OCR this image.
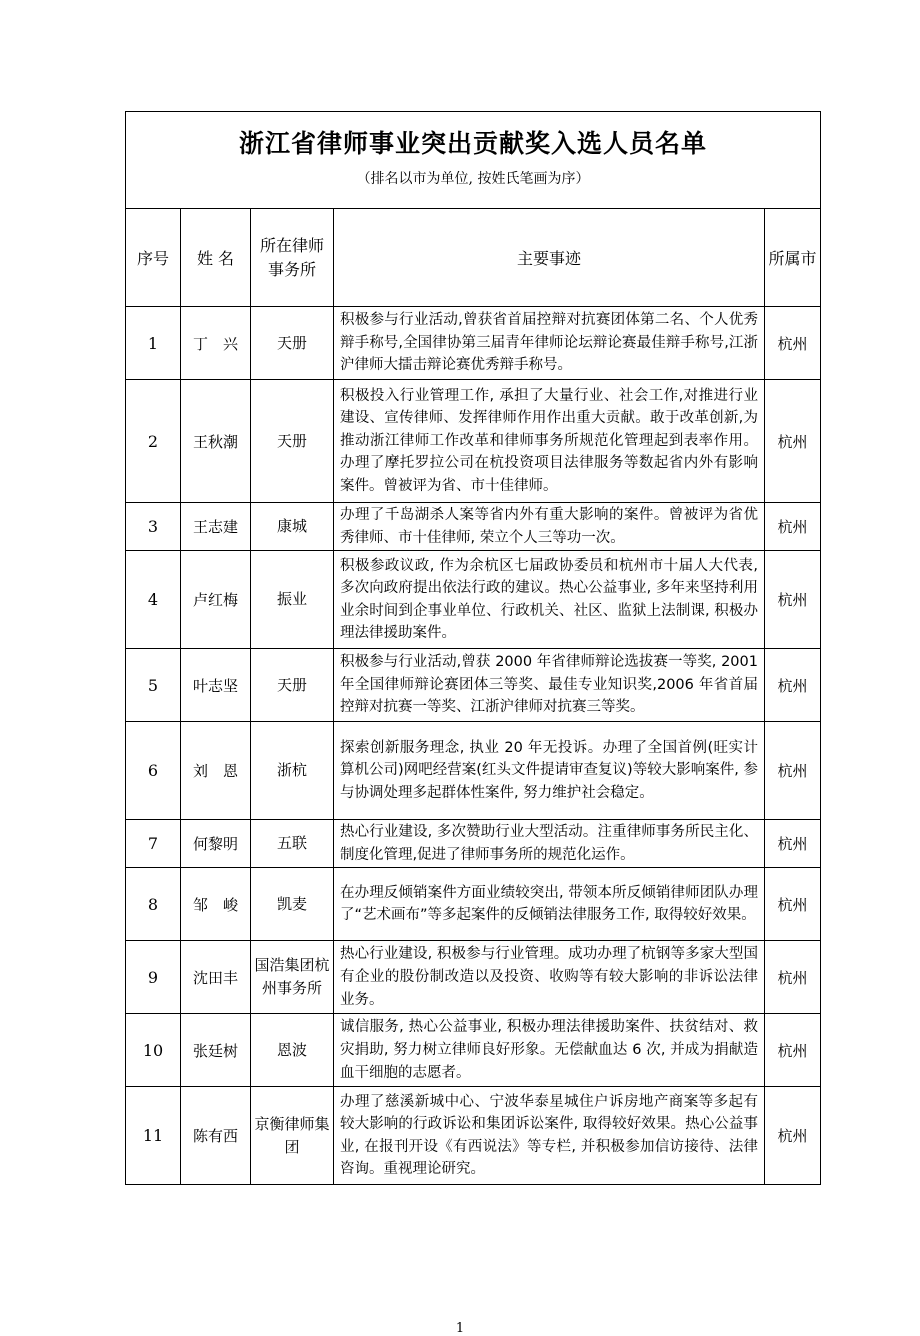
浙江省律师事业突出贡献奖入选人员名单
（排名以市为单位, 按姓氏笔画为序）				

序号	姓 名	所在律师事务所	主要事迹	所属市
1	丁　兴	天册	积极参与行业活动,曾获省首届控辩对抗赛团体第二名、个人优秀辩手称号,全国律协第三届青年律师论坛辩论赛最佳辩手称号,江浙沪律师大擂击辩论赛优秀辩手称号。	杭州
2	王秋潮	天册	积极投入行业管理工作, 承担了大量行业、社会工作,对推进行业建设、宣传律师、发挥律师作用作出重大贡献。敢于改革创新,为推动浙江律师工作改革和律师事务所规范化管理起到表率作用。办理了摩托罗拉公司在杭投资项目法律服务等数起省内外有影响案件。曾被评为省、市十佳律师。	杭州
3	王志建	康城	办理了千岛湖杀人案等省内外有重大影响的案件。曾被评为省优秀律师、市十佳律师, 荣立个人三等功一次。	杭州
4	卢红梅	振业	积极参政议政, 作为余杭区七届政协委员和杭州市十届人大代表, 多次向政府提出依法行政的建议。热心公益事业, 多年来坚持利用业余时间到企事业单位、行政机关、社区、监狱上法制课, 积极办理法律援助案件。	杭州
5	叶志坚	天册	积极参与行业活动,曾获 2000 年省律师辩论选拔赛一等奖, 2001 年全国律师辩论赛团体三等奖、最佳专业知识奖,2006 年省首届控辩对抗赛一等奖、江浙沪律师对抗赛三等奖。	杭州
6	刘　恩	浙杭	探索创新服务理念, 执业 20 年无投诉。办理了全国首例(旺实计算机公司)网吧经营案(红头文件提请审查复议)等较大影响案件, 参与协调处理多起群体性案件, 努力维护社会稳定。	杭州
7	何黎明	五联	热心行业建设, 多次赞助行业大型活动。注重律师事务所民主化、制度化管理,促进了律师事务所的规范化运作。	杭州
8	邹　峻	凯麦	在办理反倾销案件方面业绩较突出, 带领本所反倾销律师团队办理了“艺术画布”等多起案件的反倾销法律服务工作, 取得较好效果。	杭州
9	沈田丰	国浩集团杭州事务所	热心行业建设, 积极参与行业管理。成功办理了杭钢等多家大型国有企业的股份制改造以及投资、收购等有较大影响的非诉讼法律业务。	杭州
10	张廷树	恩波	诚信服务, 热心公益事业, 积极办理法律援助案件、扶贫结对、救灾捐助, 努力树立律师良好形象。无偿献血达 6 次, 并成为捐献造血干细胞的志愿者。	杭州
11	陈有西	京衡律师集团	办理了慈溪新城中心、宁波华泰星城住户诉房地产商案等多起有较大影响的行政诉讼和集团诉讼案件, 取得较好效果。热心公益事业, 在报刊开设《有西说法》等专栏, 并积极参加信访接待、法律咨询。重视理论研究。	杭州
1
